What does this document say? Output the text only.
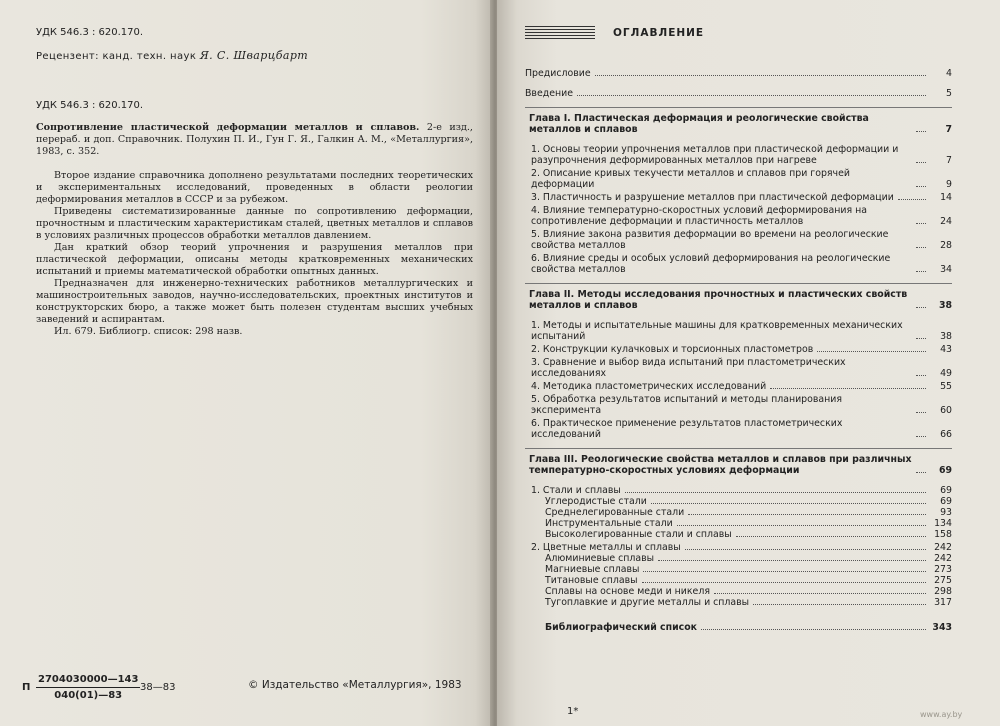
УДК 546.3 : 620.170.
Рецензент: канд. техн. наук Я. С. Шварцбарт
УДК 546.3 : 620.170.
Сопротивление пластической деформации металлов и сплавов. 2-е изд., перераб. и доп. Справочник. Полухин П. И., Гун Г. Я., Галкин А. М., «Металлургия», 1983, с. 352.

Второе издание справочника дополнено результатами последних теоретических и экспериментальных исследований, проведенных в области реологии деформирования металлов в СССР и за рубежом.

Приведены систематизированные данные по сопротивлению деформации, прочностным и пластическим характеристикам сталей, цветных металлов и сплавов в условиях различных процессов обработки металлов давлением.

Дан краткий обзор теорий упрочнения и разрушения металлов при пластической деформации, описаны методы кратковременных механических испытаний и приемы математической обработки опытных данных.

Предназначен для инженерно-технических работников металлургических и машиностроительных заводов, научно-исследовательских, проектных институтов и конструкторских бюро, а также может быть полезен студентам высших учебных заведений и аспирантам.

Ил. 679. Библиогр. список: 298 назв.

П $\frac{2704030000—143}{040(01)—83}$ 38—83	© Издательство «Металлургия», 1983
ОГЛАВЛЕНИЕ
Предисловие	4
Введение	5
Глава I. Пластическая деформация и реологические свойства металлов и сплавов	7
1. Основы теории упрочнения металлов при пластической деформации и разупрочнения деформированных металлов при нагреве	7
2. Описание кривых текучести металлов и сплавов при горячей деформации	9
3. Пластичность и разрушение металлов при пластической деформации	14
4. Влияние температурно-скоростных условий деформирования на сопротивление деформации и пластичность металлов	24
5. Влияние закона развития деформации во времени на реологические свойства металлов	28
6. Влияние среды и особых условий деформирования на реологические свойства металлов	34
Глава II. Методы исследования прочностных и пластических свойств металлов и сплавов	38
1. Методы и испытательные машины для кратковременных механических испытаний	38
2. Конструкции кулачковых и торсионных пластометров	43
3. Сравнение и выбор вида испытаний при пластометрических исследованиях	49
4. Методика пластометрических исследований	55
5. Обработка результатов испытаний и методы планирования эксперимента	60
6. Практическое применение результатов пластометрических исследований	66
Глава III. Реологические свойства металлов и сплавов при различных температурно-скоростных условиях деформации	69
1. Стали и сплавы	69
Углеродистые стали	69
Среднелегированные стали	93
Инструментальные стали	134
Высоколегированные стали и сплавы	158
2. Цветные металлы и сплавы	242
Алюминиевые сплавы	242
Магниевые сплавы	273
Титановые сплавы	275
Сплавы на основе меди и никеля	298
Тугоплавкие и другие металлы и сплавы	317
Библиографический список	343
1*	www.ay.by
